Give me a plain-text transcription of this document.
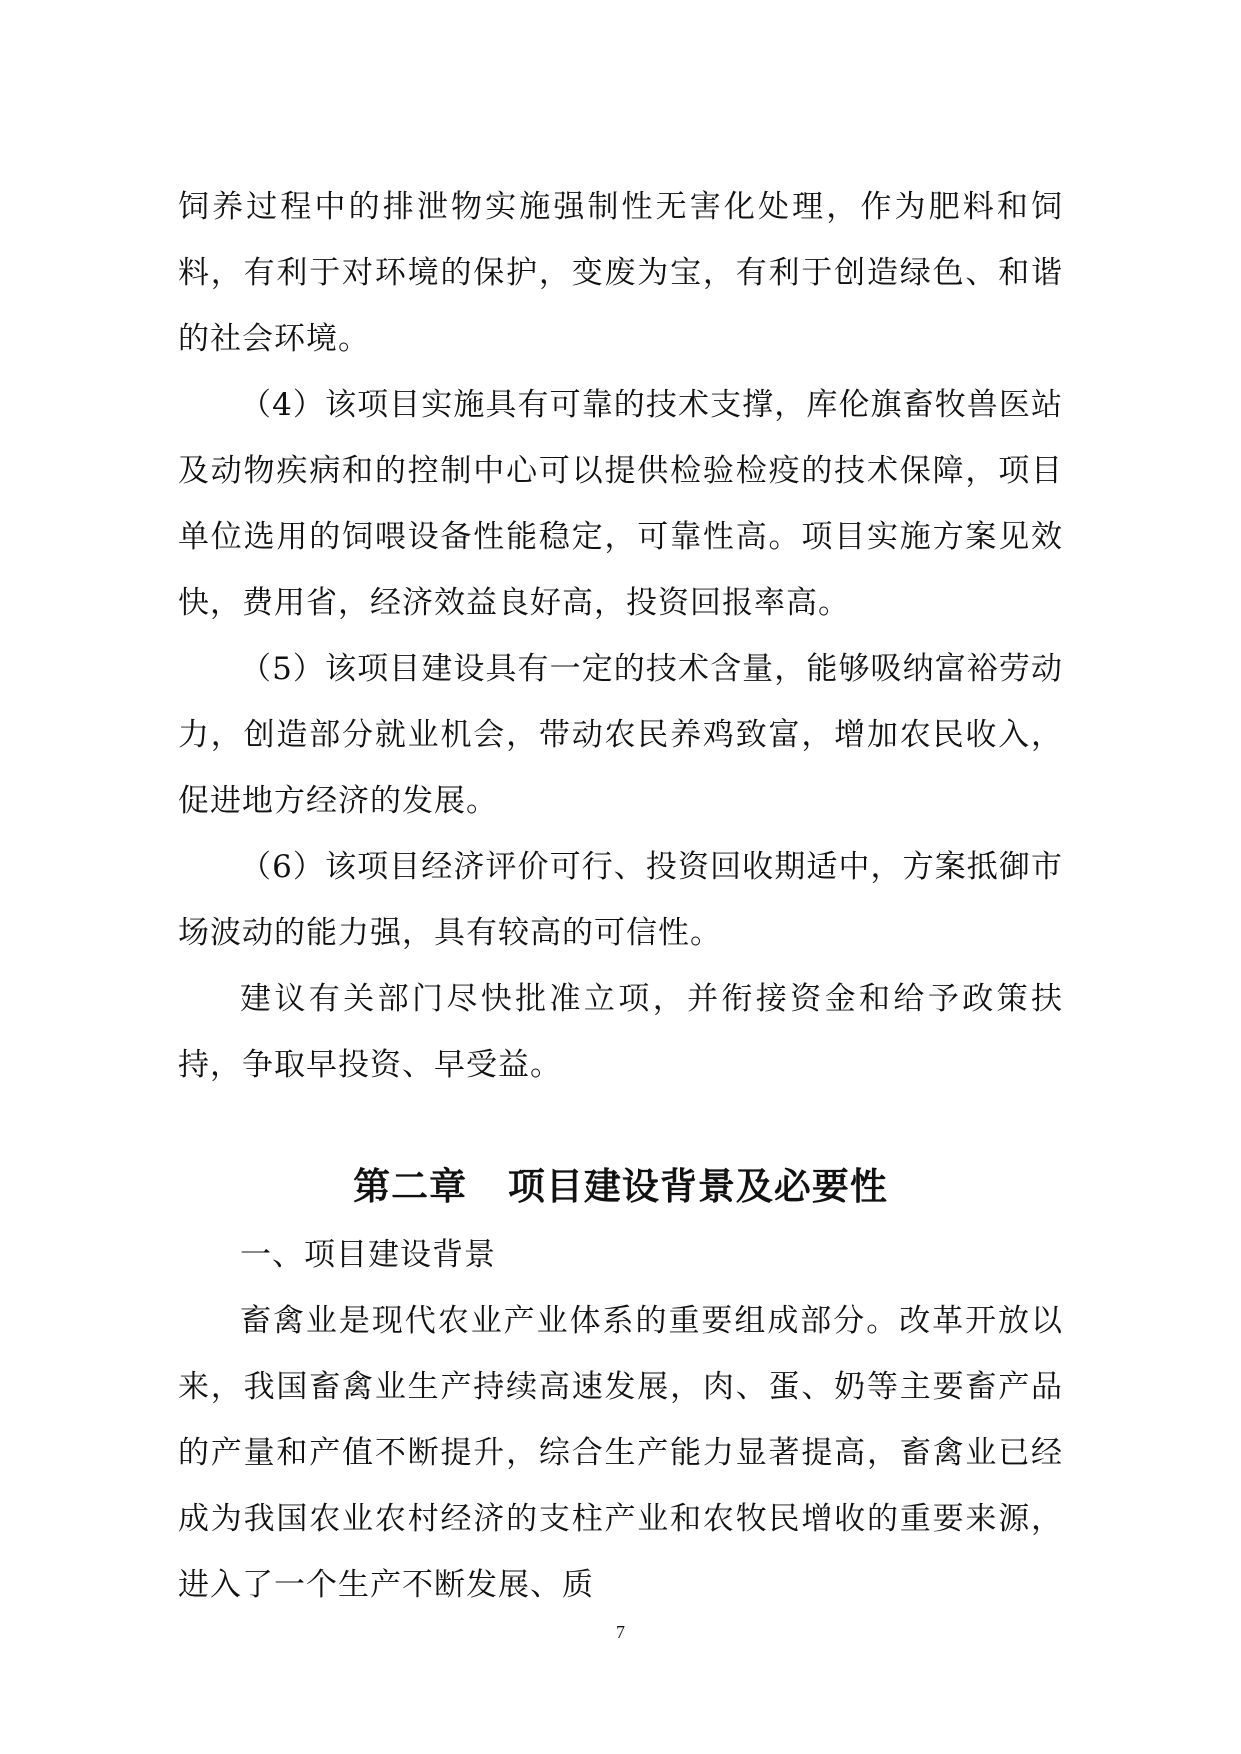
饲养过程中的排泄物实施强制性无害化处理，作为肥料和饲料，有利于对环境的保护，变废为宝，有利于创造绿色、和谐的社会环境。

（4）该项目实施具有可靠的技术支撑，库伦旗畜牧兽医站及动物疾病和的控制中心可以提供检验检疫的技术保障，项目单位选用的饲喂设备性能稳定，可靠性高。项目实施方案见效快，费用省，经济效益良好高，投资回报率高。

（5）该项目建设具有一定的技术含量，能够吸纳富裕劳动力，创造部分就业机会，带动农民养鸡致富，增加农民收入，促进地方经济的发展。

（6）该项目经济评价可行、投资回收期适中，方案抵御市场波动的能力强，具有较高的可信性。

建议有关部门尽快批准立项，并衔接资金和给予政策扶持，争取早投资、早受益。

第二章 项目建设背景及必要性

一、项目建设背景

畜禽业是现代农业产业体系的重要组成部分。改革开放以来，我国畜禽业生产持续高速发展，肉、蛋、奶等主要畜产品的产量和产值不断提升，综合生产能力显著提高，畜禽业已经成为我国农业农村经济的支柱产业和农牧民增收的重要来源，进入了一个生产不断发展、质

7
